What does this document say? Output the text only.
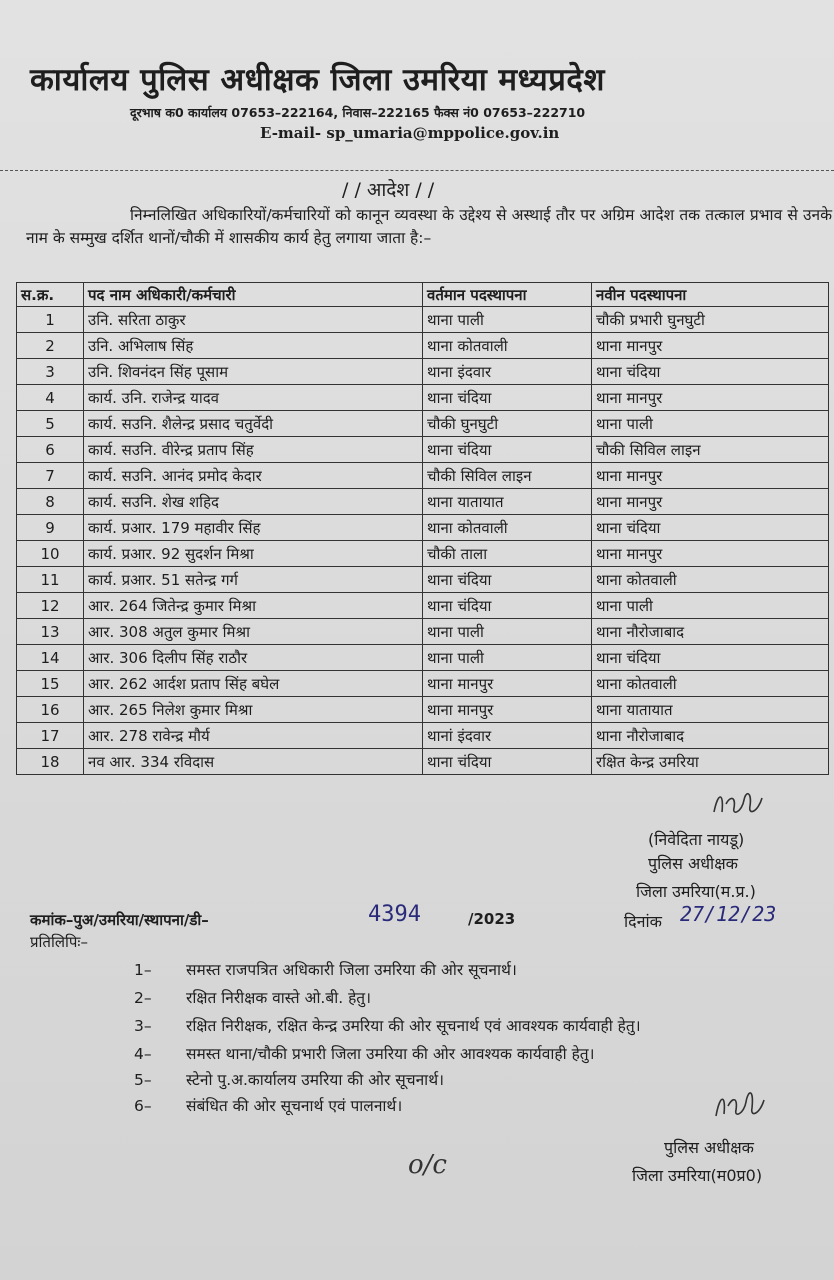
कार्यालय पुलिस अधीक्षक जिला उमरिया मध्यप्रदेश
दूरभाष क0 कार्यालय 07653–222164, निवास–222165 फैक्स नं0 07653–222710
E-mail- sp_umaria@mppolice.gov.in
/ / आदेश / /
निम्नलिखित अधिकारियों/कर्मचारियों को कानून व्यवस्था के उद्देश्य से अस्थाई तौर पर अग्रिम आदेश तक तत्काल प्रभाव से उनके नाम के सम्मुख दर्शित थानों/चौकी में शासकीय कार्य हेतु लगाया जाता है:–
स.क्र.	पद नाम अधिकारी/कर्मचारी	वर्तमान पदस्थापना	नवीन पदस्थापना
1	उनि. सरिता ठाकुर	थाना पाली	चौकी प्रभारी घुनघुटी
2	उनि. अभिलाष सिंह	थाना कोतवाली	थाना मानपुर
3	उनि. शिवनंदन सिंह पूसाम	थाना इंदवार	थाना चंदिया
4	कार्य. उनि. राजेन्द्र यादव	थाना चंदिया	थाना मानपुर
5	कार्य. सउनि. शैलेन्द्र प्रसाद चतुर्वेदी	चौकी घुनघुटी	थाना पाली
6	कार्य. सउनि. वीरेन्द्र प्रताप सिंह	थाना चंदिया	चौकी सिविल लाइन
7	कार्य. सउनि. आनंद प्रमोद केदार	चौकी सिविल लाइन	थाना मानपुर
8	कार्य. सउनि. शेख शहिद	थाना यातायात	थाना मानपुर
9	कार्य. प्रआर. 179 महावीर सिंह	थाना कोतवाली	थाना चंदिया
10	कार्य. प्रआर. 92 सुदर्शन मिश्रा	चौकी ताला	थाना मानपुर
11	कार्य. प्रआर. 51 सतेन्द्र गर्ग	थाना चंदिया	थाना कोतवाली
12	आर. 264 जितेन्द्र कुमार मिश्रा	थाना चंदिया	थाना पाली
13	आर. 308 अतुल कुमार मिश्रा	थाना पाली	थाना नौरोजाबाद
14	आर. 306 दिलीप सिंह राठौर	थाना पाली	थाना चंदिया
15	आर. 262 आर्दश प्रताप सिंह बघेल	थाना मानपुर	थाना कोतवाली
16	आर. 265 निलेश कुमार मिश्रा	थाना मानपुर	थाना यातायात
17	आर. 278 रावेन्द्र मौर्य	थानां इंदवार	थाना नौरोजाबाद
18	नव आर. 334 रविदास	थाना चंदिया	रक्षित केन्द्र उमरिया
(निवेदिता नायडू)
पुलिस अधीक्षक
जिला उमरिया(म.प्र.)
कमांक–पुअ/उमरिया/स्थापना/डी–	4394	/2023	दिनांक 27/12/23
प्रतिलिपिः–
1– समस्त राजपत्रित अधिकारी जिला उमरिया की ओर सूचनार्थ।
2– रक्षित निरीक्षक वास्ते ओ.बी. हेतु।
3– रक्षित निरीक्षक, रक्षित केन्द्र उमरिया की ओर सूचनार्थ एवं आवश्यक कार्यवाही हेतु।
4– समस्त थाना/चौकी प्रभारी जिला उमरिया की ओर आवश्यक कार्यवाही हेतु।
5– स्टेनो पु.अ.कार्यालय उमरिया की ओर सूचनार्थ।
6– संबंधित की ओर सूचनार्थ एवं पालनार्थ।
o/c
पुलिस अधीक्षक
जिला उमरिया(म0प्र0)
